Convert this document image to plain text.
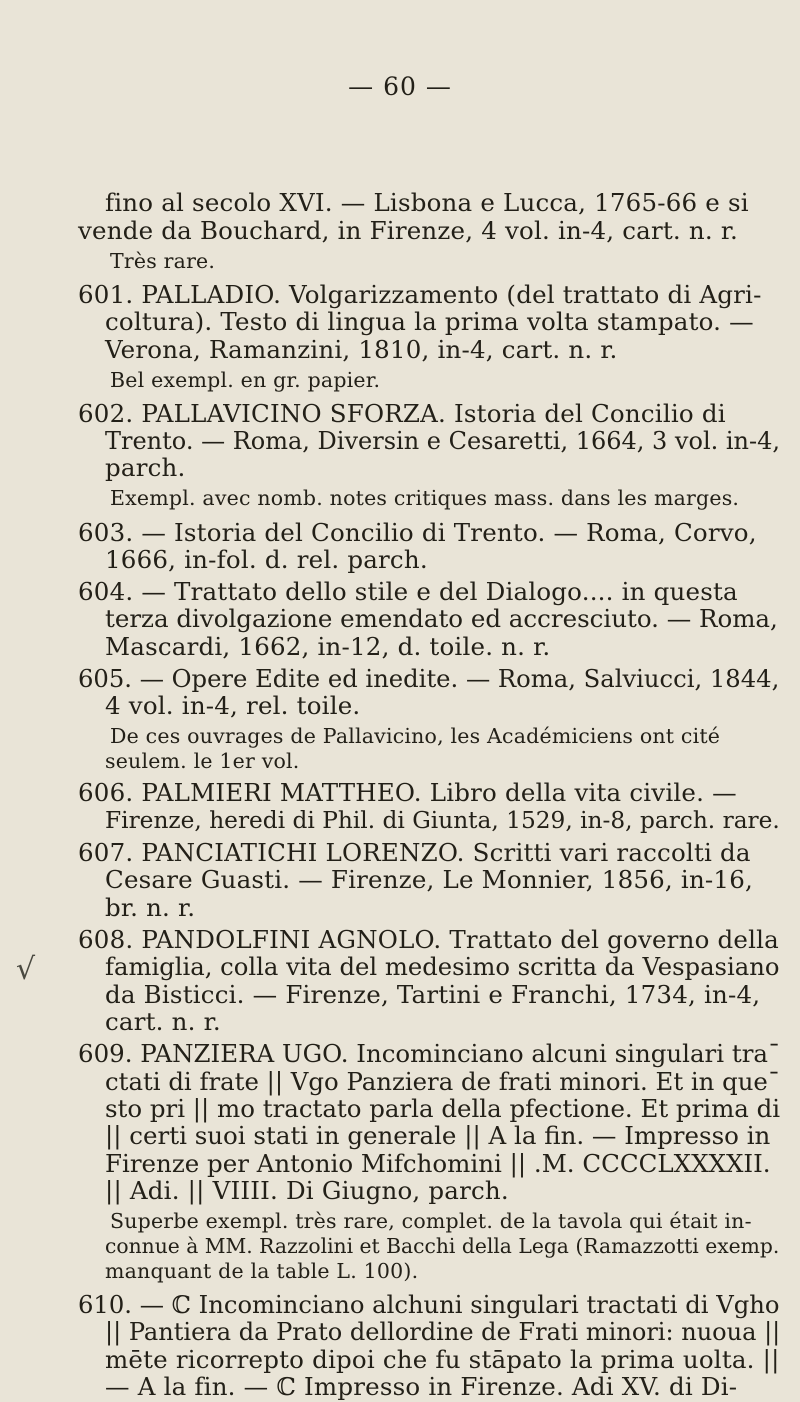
— 60 —
√
fino al secolo XVI. — Lisbona e Lucca, 1765-66 e si
vende da Bouchard, in Firenze, 4 vol. in-4, cart. n. r.
Très rare.
601. PALLADIO. Volgarizzamento (del trattato di Agri-
coltura). Testo di lingua la prima volta stampato. —
Verona, Ramanzini, 1810, in-4, cart. n. r.
Bel exempl. en gr. papier.
602. PALLAVICINO SFORZA. Istoria del Concilio di
Trento. — Roma, Diversin e Cesaretti, 1664, 3 vol. in-4,
parch.
Exempl. avec nomb. notes critiques mass. dans les marges.
603. — Istoria del Concilio di Trento. — Roma, Corvo,
1666, in-fol. d. rel. parch.
604. — Trattato dello stile e del Dialogo.... in questa
terza divolgazione emendato ed accresciuto. — Roma,
Mascardi, 1662, in-12, d. toile. n. r.
605. — Opere Edite ed inedite. — Roma, Salviucci, 1844,
4 vol. in-4, rel. toile.
De ces ouvrages de Pallavicino, les Académiciens ont cité
seulem. le 1er vol.
606. PALMIERI MATTHEO. Libro della vita civile. —
Firenze, heredi di Phil. di Giunta, 1529, in-8, parch. rare.
607. PANCIATICHI LORENZO. Scritti vari raccolti da
Cesare Guasti. — Firenze, Le Monnier, 1856, in-16,
br. n. r.
608. PANDOLFINI AGNOLO. Trattato del governo della
famiglia, colla vita del medesimo scritta da Vespasiano
da Bisticci. — Firenze, Tartini e Franchi, 1734, in-4,
cart. n. r.
609. PANZIERA UGO. Incominciano alcuni singulari tra¯
ctati di frate || Vgo Panziera de frati minori. Et in que¯
sto pri || mo tractato parla della pfectione. Et prima di
|| certi suoi stati in generale || A la fin. — Impresso in
Firenze per Antonio Mifchomini || .M. CCCCLXXXXII.
|| Adi. || VIIII. Di Giugno, parch.
Superbe exempl. très rare, complet. de la tavola qui était in-
connue à MM. Razzolini et Bacchi della Lega (Ramazzotti exemp.
manquant de la table L. 100).
610. — ℂ Incominciano alchuni singulari tractati di Vgho
|| Pantiera da Prato dellordine de Frati minori: nuoua ||
mēte ricorrepto dipoi che fu stāpato la prima uolta. ||
— A la fin. — ℂ Impresso in Firenze. Adi XV. di Di-
